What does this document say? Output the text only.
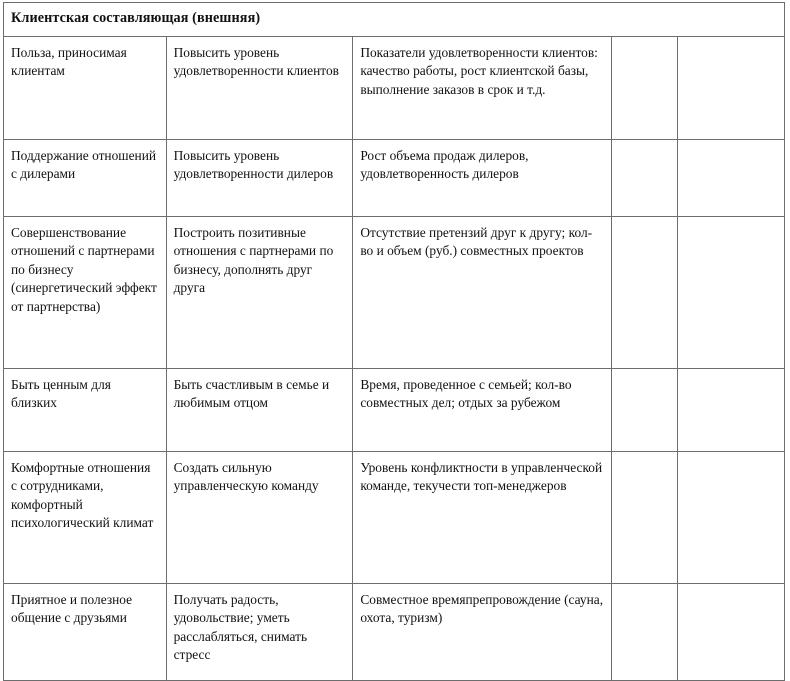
Клиентская составляющая (внешняя)				
Польза, приносимая клиентам	Повысить уровень удовлетворенности клиентов	Показатели удовлетворенности клиентов: качество работы, рост клиентской базы, выполнение заказов в срок и т.д.		
Поддержание отношений с дилерами	Повысить уровень удовлетворенности дилеров	Рост объема продаж дилеров, удовлетворенность дилеров		
Совершенствование отношений с партнерами по бизнесу (синергетический эффект от партнерства)	Построить позитивные отношения с партнерами по бизнесу, дополнять друг друга	Отсутствие претензий друг к другу; кол-во и объем (руб.) совместных проектов		
Быть ценным для близких	Быть счастливым в семье и любимым отцом	Время, проведенное с семьей; кол-во совместных дел; отдых за рубежом		
Комфортные отношения с сотрудниками, комфортный психологический климат	Создать сильную управленческую команду	Уровень конфликтности в управленческой команде, текучести топ-менеджеров		
Приятное и полезное общение с друзьями	Получать радость, удовольствие; уметь расслабляться, снимать стресс	Совместное времяпрепровождение (сауна, охота, туризм)		
